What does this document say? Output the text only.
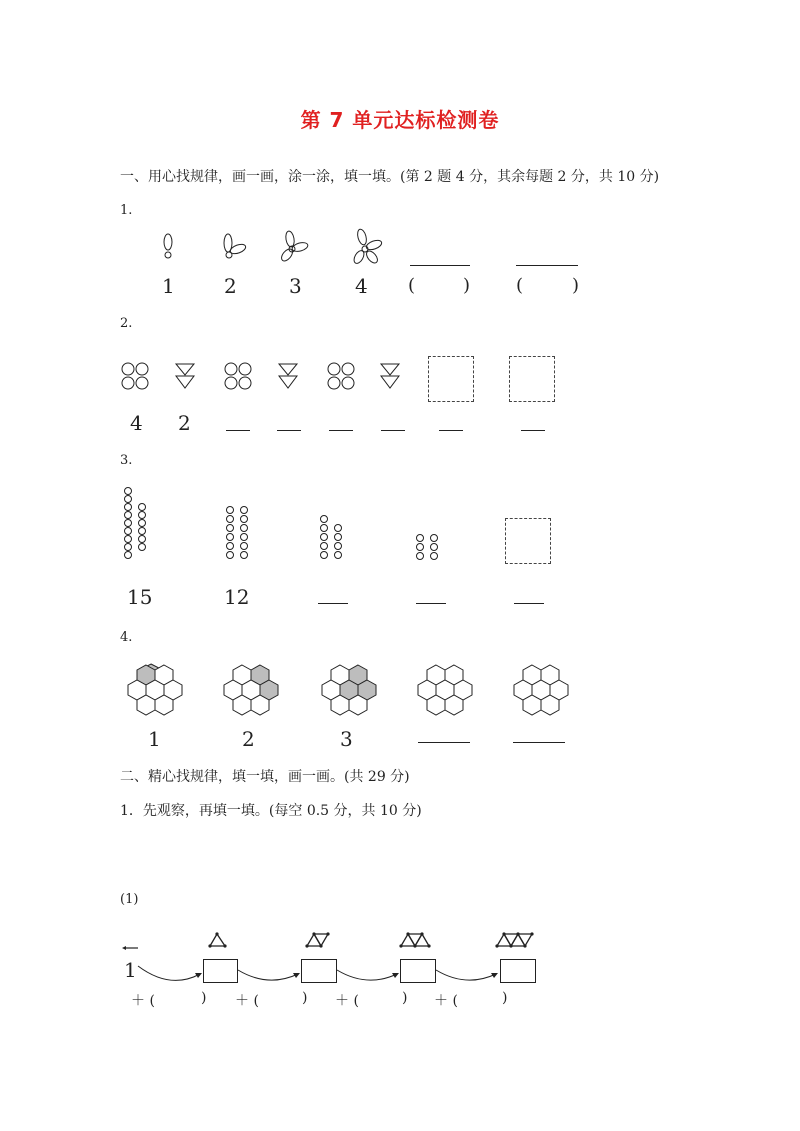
第 7 单元达标检测卷
一、用心找规律，画一画，涂一涂，填一填。(第 2 题 4 分，其余每题 2 分，共 10 分)
1.
1 2	3	4 (	)	(	)
2.
4 2
3.
15	12
4.
1	2	3
二、精心找规律，填一填，画一画。(共 29 分)
1．先观察，再填一填。(每空 0.5 分，共 10 分)
(1)
1
＋ (	) ＋ (	) ＋ (	) ＋ (	)
